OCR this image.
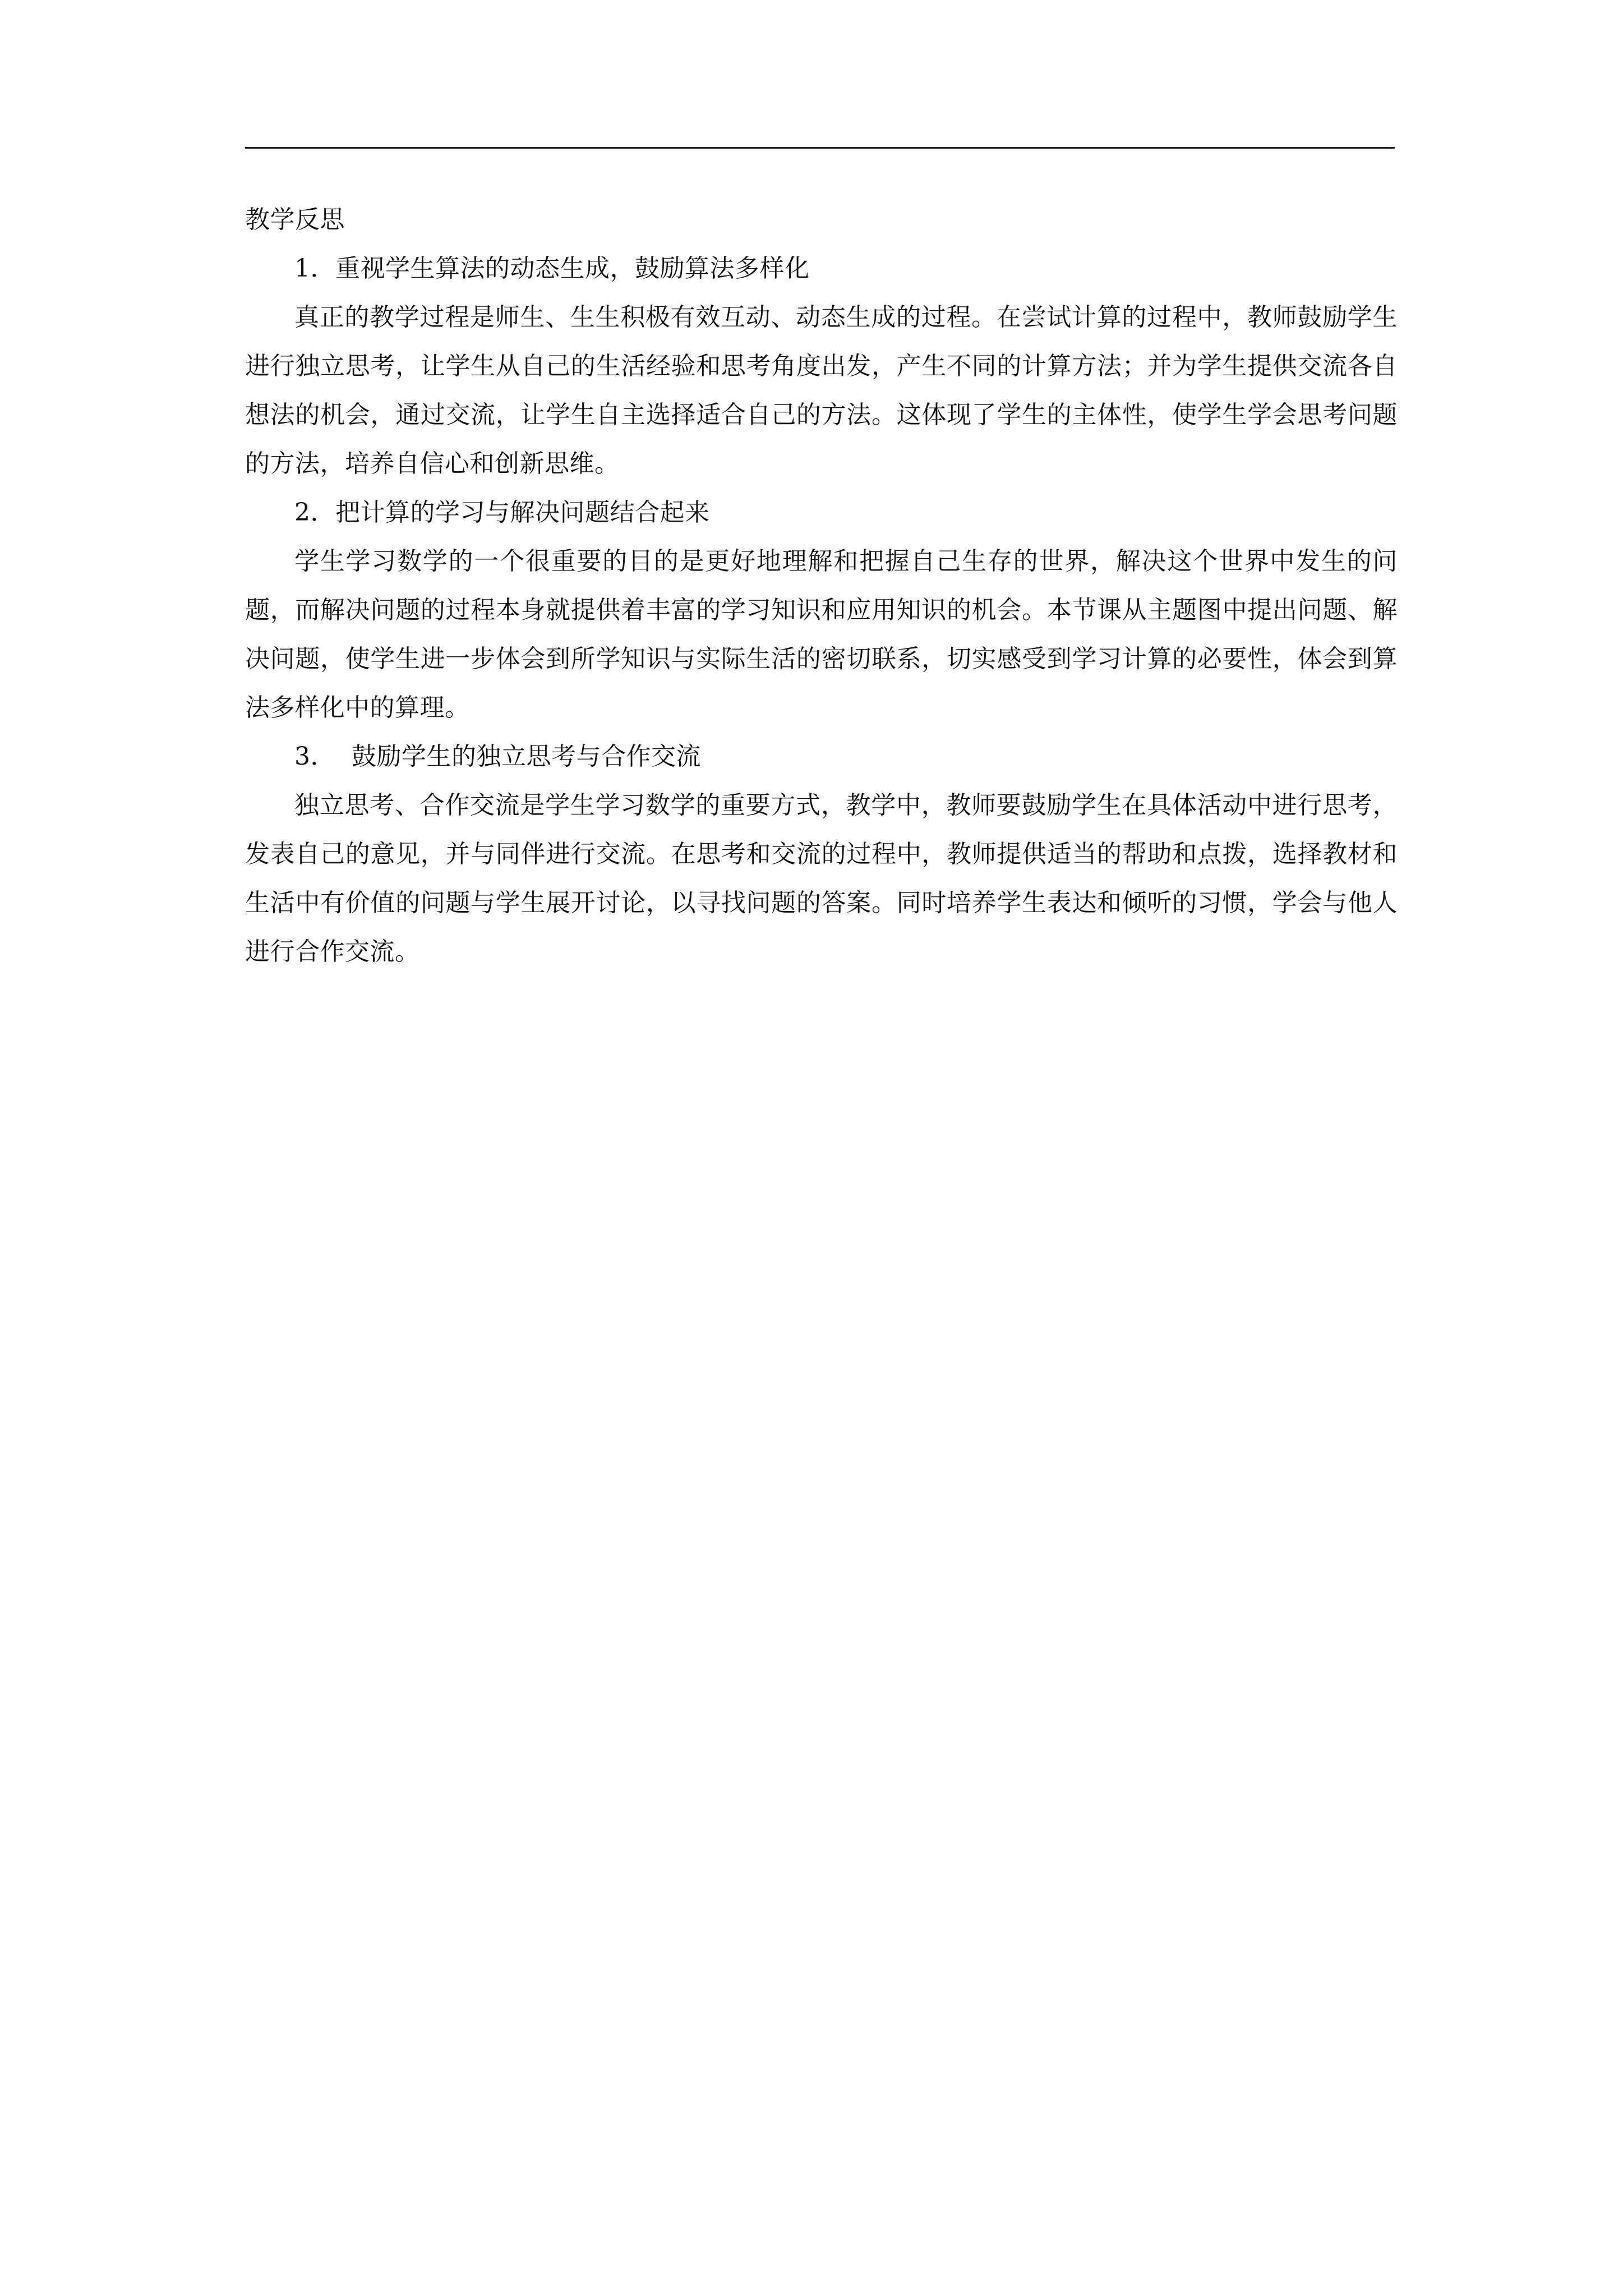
教学反思
1．重视学生算法的动态生成，鼓励算法多样化

真正的教学过程是师生、生生积极有效互动、动态生成的过程。在尝试计算的过程中，教师鼓励学生进行独立思考，让学生从自己的生活经验和思考角度出发，产生不同的计算方法；并为学生提供交流各自想法的机会，通过交流，让学生自主选择适合自己的方法。这体现了学生的主体性，使学生学会思考问题的方法，培养自信心和创新思维。

2．把计算的学习与解决问题结合起来

学生学习数学的一个很重要的目的是更好地理解和把握自己生存的世界，解决这个世界中发生的问题，而解决问题的过程本身就提供着丰富的学习知识和应用知识的机会。本节课从主题图中提出问题、解决问题，使学生进一步体会到所学知识与实际生活的密切联系，切实感受到学习计算的必要性，体会到算法多样化中的算理。

3．  鼓励学生的独立思考与合作交流

独立思考、合作交流是学生学习数学的重要方式，教学中，教师要鼓励学生在具体活动中进行思考，发表自己的意见，并与同伴进行交流。在思考和交流的过程中，教师提供适当的帮助和点拨，选择教材和生活中有价值的问题与学生展开讨论，以寻找问题的答案。同时培养学生表达和倾听的习惯，学会与他人进行合作交流。
